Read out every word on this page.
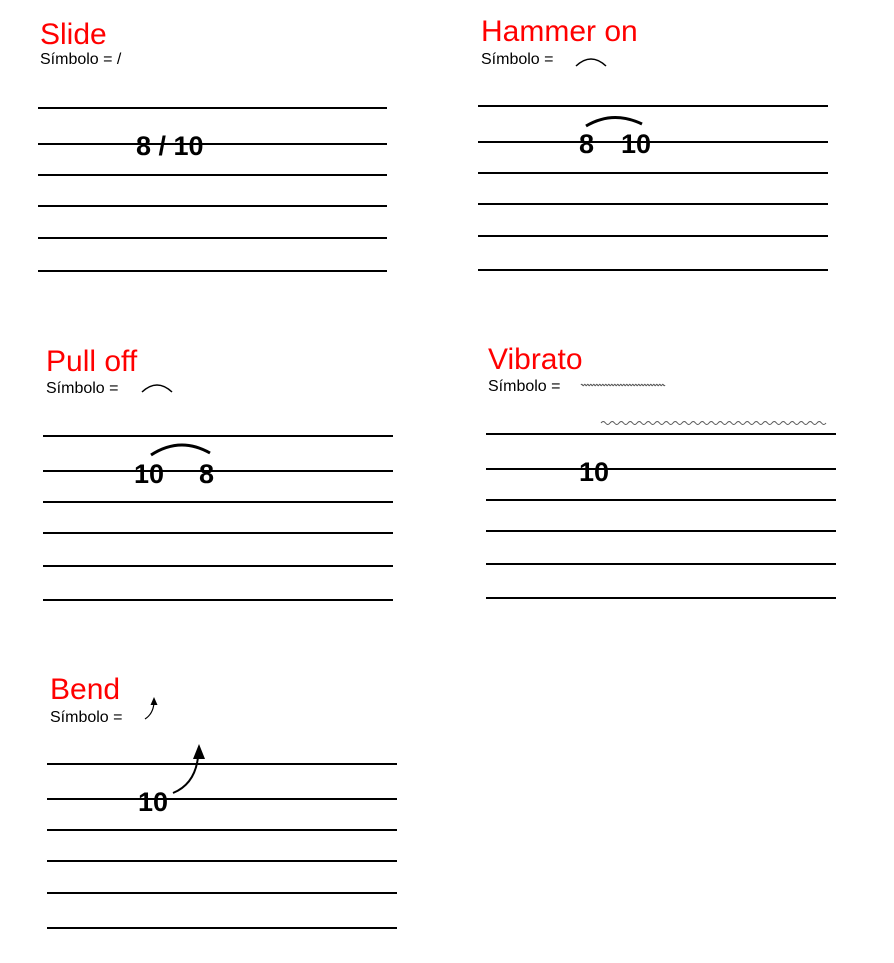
Slide
Símbolo = /
8 / 10
Hammer on
Símbolo =
8 10
Pull off
Símbolo =
10 8
Vibrato
Símbolo =
10
Bend
Símbolo =
10
